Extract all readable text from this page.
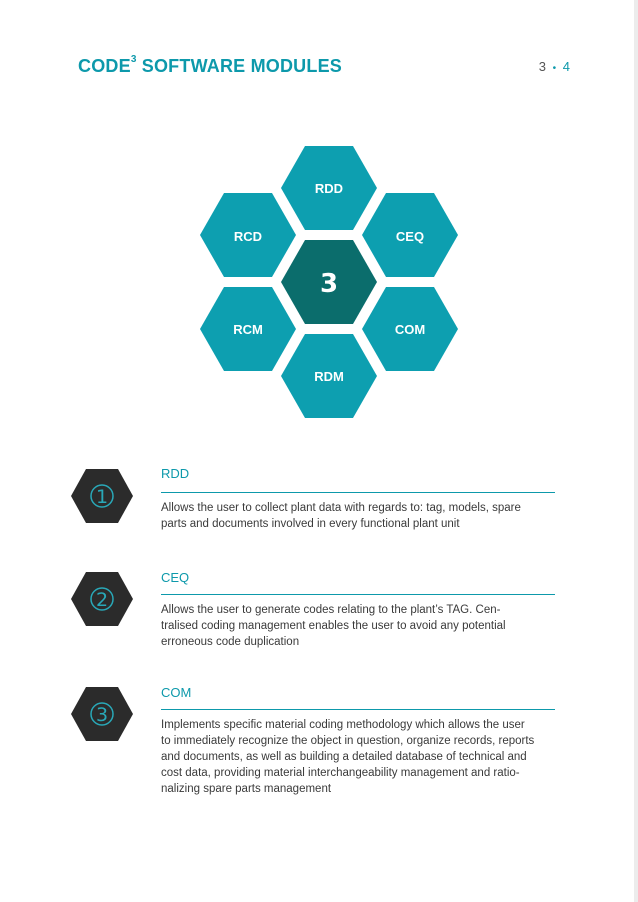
CODE$^3$ SOFTWARE MODULES	3 • 4
RDD
RCD	CEQ
3
RCM	COM
RDM
1
RDD
Allows the user to collect plant data with regards to: tag, models, spare
parts and documents involved in every functional plant unit
2
CEQ
Allows the user to generate codes relating to the plant’s TAG. Cen-
tralised coding management enables the user to avoid any potential
erroneous code duplication
3
COM
Implements specific material coding methodology which allows the user
to immediately recognize the object in question, organize records, reports
and documents, as well as building a detailed database of technical and
cost data, providing material interchangeability management and ratio-
nalizing spare parts management
